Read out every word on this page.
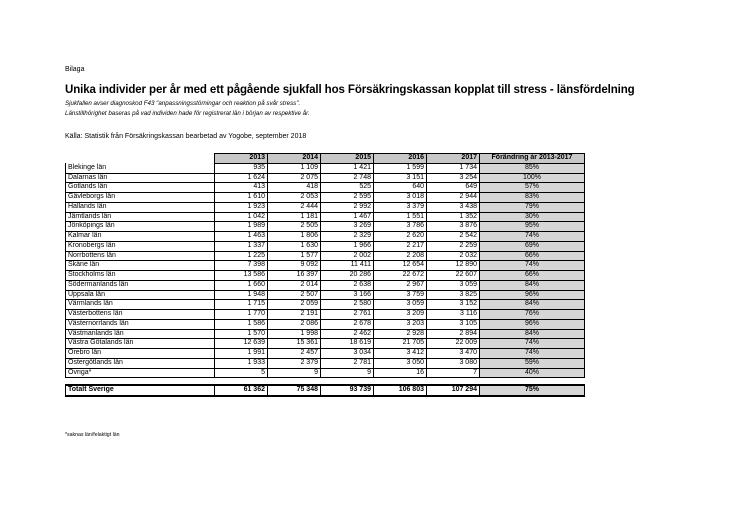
Bilaga
Unika individer per år med ett pågående sjukfall hos Försäkringskassan kopplat till stress - länsfördelning
Sjukfallen avser diagnoskod F43 "anpassningsstörningar och reaktion på svår stress".
Länstillhörighet baseras på vad individen hade för registrerat län i början av respektive år.
Källa: Statistik från Försäkringskassan bearbetad av Yogobe, september 2018
	2013	2014	2015	2016	2017	Förändring år 2013-2017
Blekinge län	935	1 109	1 421	1 599	1 734	85%
Dalarnas län	1 624	2 075	2 748	3 151	3 254	100%
Gotlands län	413	418	525	640	649	57%
Gävleborgs län	1 610	2 053	2 595	3 018	2 944	83%
Hallands län	1 923	2 444	2 992	3 379	3 438	79%
Jämtlands län	1 042	1 181	1 467	1 551	1 352	30%
Jönköpings län	1 989	2 505	3 269	3 786	3 876	95%
Kalmar län	1 463	1 806	2 329	2 620	2 542	74%
Kronobergs län	1 337	1 630	1 966	2 217	2 259	69%
Norrbottens län	1 225	1 577	2 002	2 208	2 032	66%
Skåne län	7 398	9 092	11 411	12 654	12 890	74%
Stockholms län	13 586	16 397	20 286	22 672	22 607	66%
Södermanlands län	1 660	2 014	2 638	2 967	3 059	84%
Uppsala län	1 948	2 507	3 166	3 759	3 825	96%
Värmlands län	1 715	2 059	2 580	3 059	3 152	84%
Västerbottens län	1 770	2 191	2 761	3 209	3 116	76%
Västernorrlands län	1 586	2 086	2 678	3 203	3 105	96%
Västmanlands län	1 570	1 998	2 462	2 928	2 894	84%
Västra Götalands län	12 639	15 361	18 619	21 705	22 009	74%
Örebro län	1 991	2 457	3 034	3 412	3 470	74%
Östergötlands län	1 933	2 379	2 781	3 050	3 080	59%
Övriga*	5	9	9	16	7	40%

Totalt Sverige	61 362	75 348	93 739	106 803	107 294	75%
*saknas län/felaktigt län
